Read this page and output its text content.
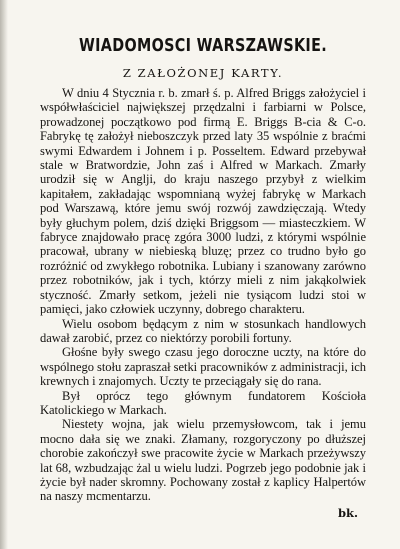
WIADOMOSCI WARSZAWSKIE.
Z ZAŁOŻONEJ KARTY.

W dniu 4 Stycznia r. b. zmarł ś. p. Alfred Briggs założyciel i współwłaściciel największej przędzalni i farbiarni w Polsce, prowadzonej początkowo pod firmą E. Briggs B-cia & C-o. Fabrykę tę założył nieboszczyk przed laty 35 wspólnie z braćmi swymi Edwardem i Johnem i p. Posseltem. Edward przebywał stale w Bratwordzie, John zaś i Alfred w Markach. Zmarły urodził się w Anglji, do kraju naszego przybył z wielkim kapitałem, zakładając wspomnianą wyżej fabrykę w Markach pod Warszawą, które jemu swój rozwój zawdzięczają. Wtedy były głuchym polem, dziś dzięki Briggsom — miasteczkiem. W fabryce znajdowało pracę zgóra 3000 ludzi, z którymi wspólnie pracował, ubrany w niebieską bluzę; przez co trudno było go rozróżnić od zwykłego robotnika. Lubiany i szanowany zarówno przez robotników, jak i tych, którzy mieli z nim jakąkolwiek styczność. Zmarły setkom, jeżeli nie tysiącom ludzi stoi w pamięci, jako człowiek uczynny, dobrego charakteru.

Wielu osobom będącym z nim w stosunkach handlowych dawał zarobić, przez co niektórzy porobili fortuny.

Głośne były swego czasu jego doroczne uczty, na które do wspólnego stołu zapraszał setki pracowników z administracji, ich krewnych i znajomych. Uczty te przeciągały się do rana.

Był oprócz tego głównym fundatorem Kościoła Katolickiego w Markach.

Niestety wojna, jak wielu przemysłowcom, tak i jemu mocno dała się we znaki. Złamany, rozgoryczony po dłuższej chorobie zakończył swe pracowite życie w Markach przeżywszy lat 68, wzbudzając żal u wielu ludzi. Pogrzeb jego podobnie jak i życie był nader skromny. Pochowany został z kaplicy Halpertów na naszy mcmentarzu.

bk.
